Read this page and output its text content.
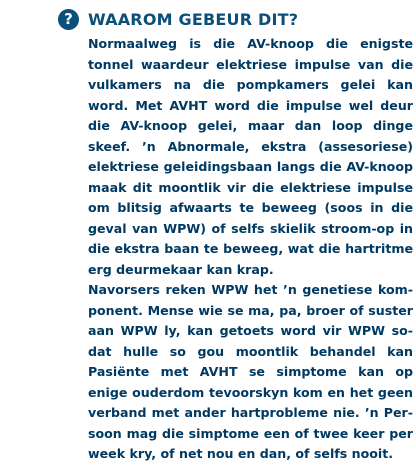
? WAAROM GEBEUR DIT?
Normaalweg is die AV-knoop die enigste
tonnel waardeur elektriese impulse van die
vulkamers na die pompkamers gelei kan
word. Met AVHT word die impulse wel deur
die AV-knoop gelei, maar dan loop dinge
skeef. ’n Abnormale, ekstra (assesoriese)
elektriese geleidingsbaan langs die AV-knoop
maak dit moontlik vir die elektriese impulse
om blitsig afwaarts te beweeg (soos in die
geval van WPW) of selfs skielik stroom-op in
die ekstra baan te beweeg, wat die hartritme
erg deurmekaar kan krap.
Navorsers reken WPW het ’n genetiese kom-
ponent. Mense wie se ma, pa, broer of suster
aan WPW ly, kan getoets word vir WPW so-
dat hulle so gou moontlik behandel kan
Pasiënte met AVHT se simptome kan op
enige ouderdom tevoorskyn kom en het geen
verband met ander hartprobleme nie. ’n Per-
soon mag die simptome een of twee keer per
week kry, of net nou en dan, of selfs nooit.
